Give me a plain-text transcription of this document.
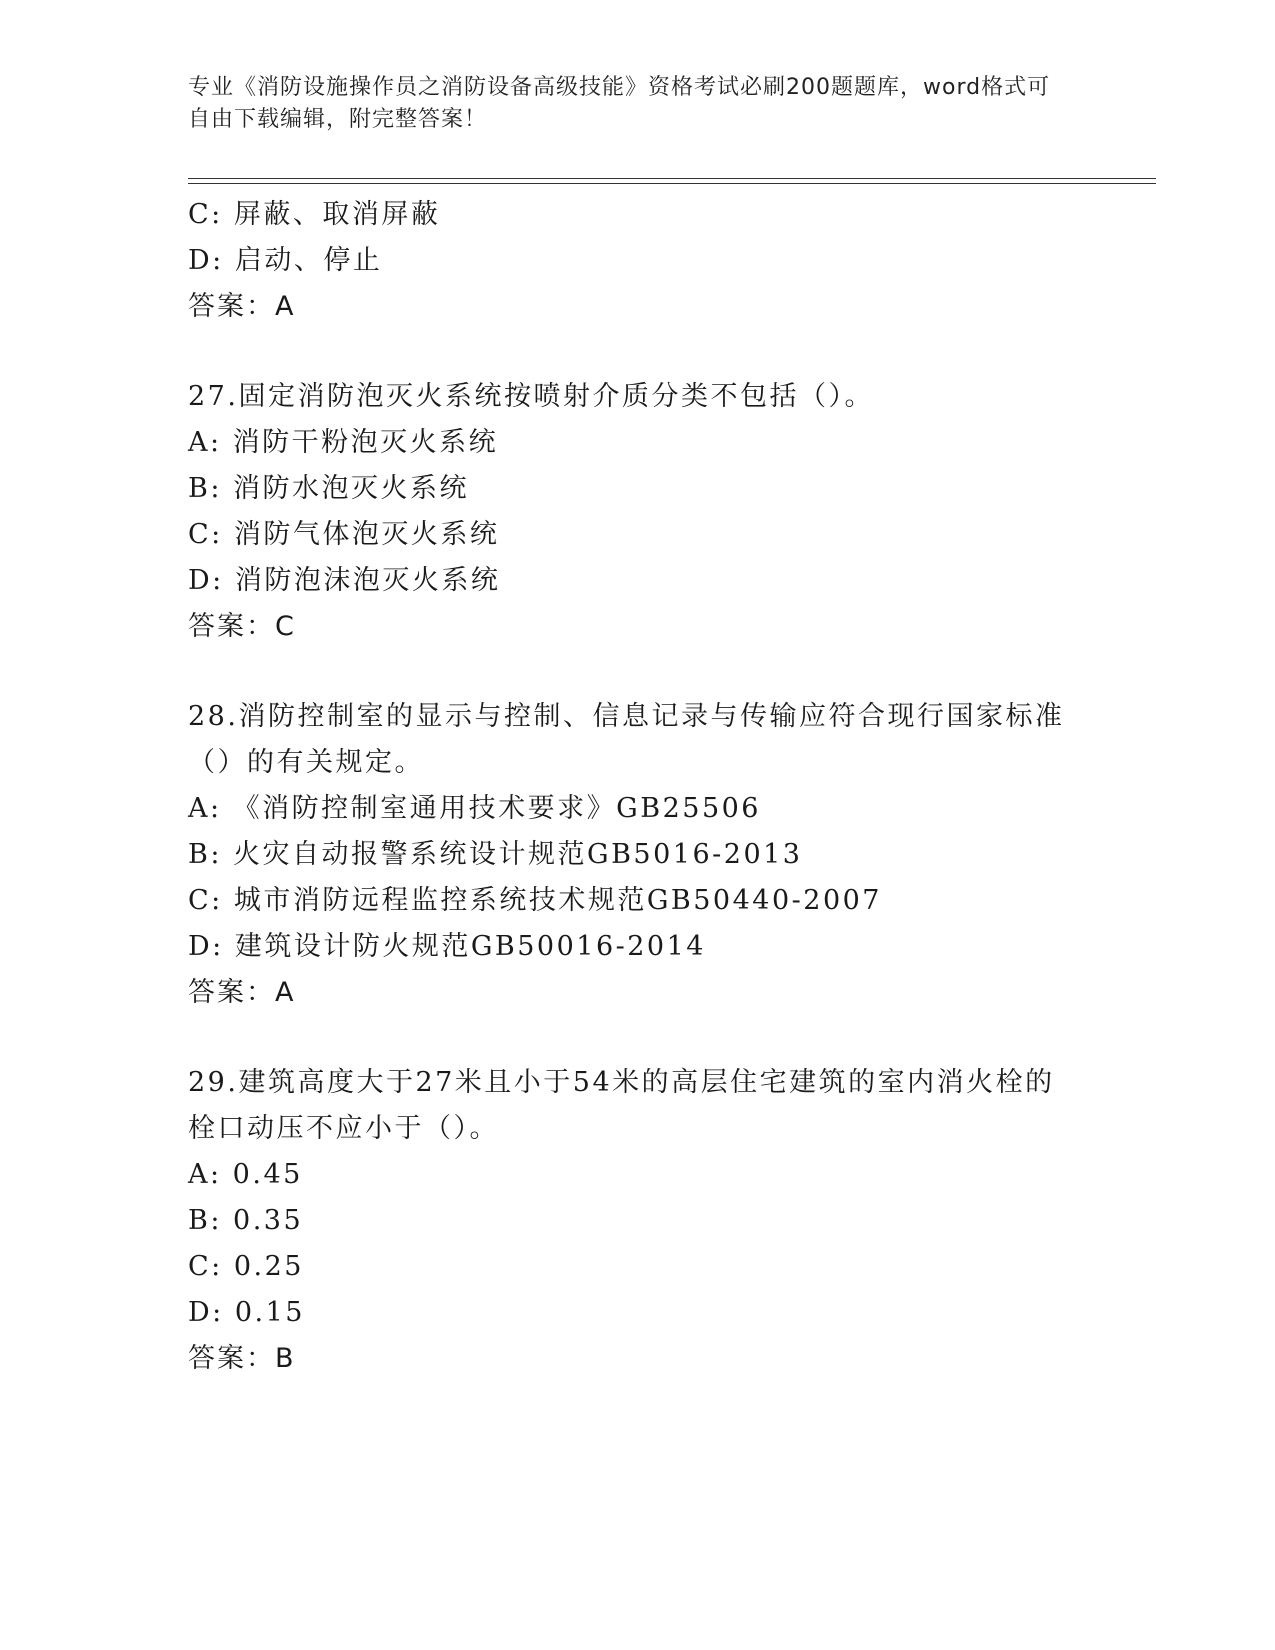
专业《消防设施操作员之消防设备高级技能》资格考试必刷200题题库，word格式可自由下载编辑，附完整答案！
C: 屏蔽、取消屏蔽
D: 启动、停止
答案：A
27.固定消防泡灭火系统按喷射介质分类不包括（）。
A: 消防干粉泡灭火系统
B: 消防水泡灭火系统
C: 消防气体泡灭火系统
D: 消防泡沫泡灭火系统
答案：C
28.消防控制室的显示与控制、信息记录与传输应符合现行国家标准（）的有关规定。
A: 《消防控制室通用技术要求》GB25506
B: 火灾自动报警系统设计规范GB5016-2013
C: 城市消防远程监控系统技术规范GB50440-2007
D: 建筑设计防火规范GB50016-2014
答案：A
29.建筑高度大于27米且小于54米的高层住宅建筑的室内消火栓的栓口动压不应小于（）。
A: 0.45
B: 0.35
C: 0.25
D: 0.15
答案：B
